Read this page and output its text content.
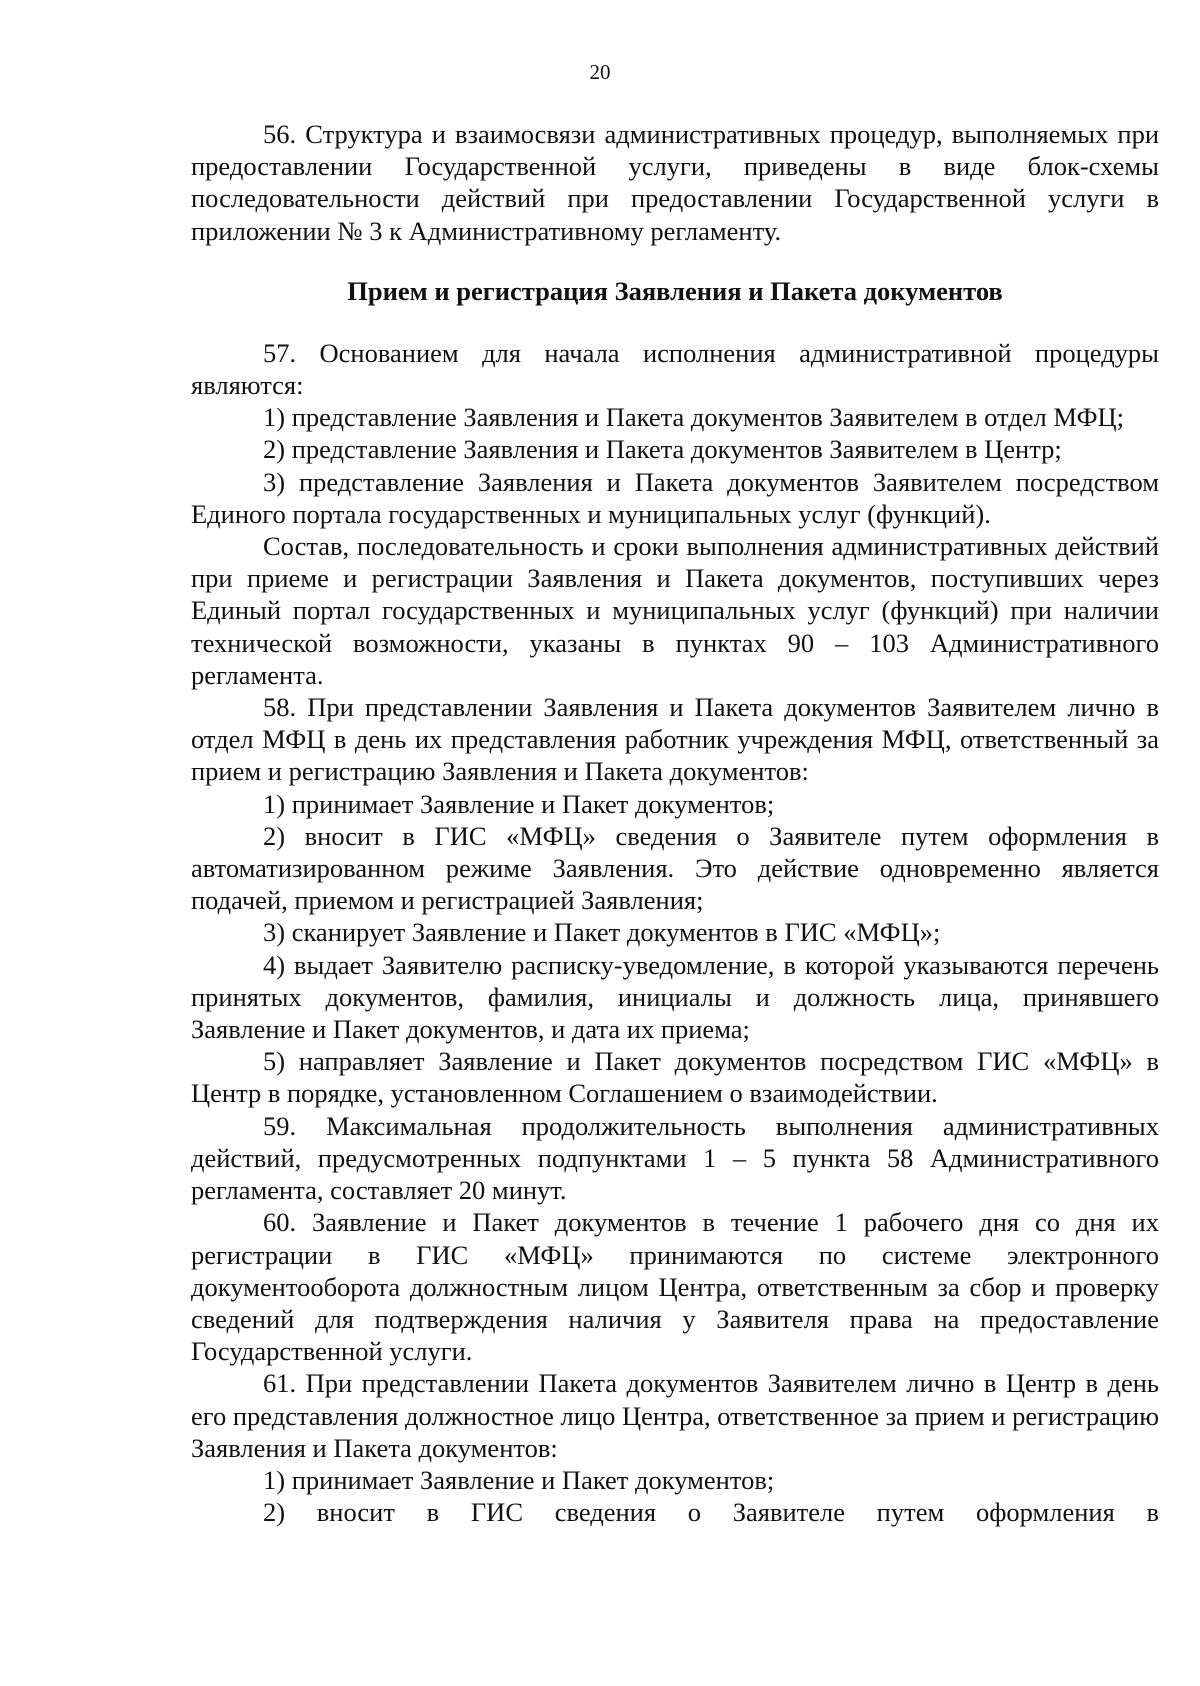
20

56. Структура и взаимосвязи административных процедур, выполняемых при предоставлении Государственной услуги, приведены в виде блок-схемы последовательности действий при предоставлении Государственной услуги в приложении № 3 к Административному регламенту.

Прием и регистрация Заявления и Пакета документов

57. Основанием для начала исполнения административной процедуры являются:

1) представление Заявления и Пакета документов Заявителем в отдел МФЦ;

2) представление Заявления и Пакета документов Заявителем в Центр;

3) представление Заявления и Пакета документов Заявителем посредством Единого портала государственных и муниципальных услуг (функций).

Состав, последовательность и сроки выполнения административных действий при приеме и регистрации Заявления и Пакета документов, поступивших через Единый портал государственных и муниципальных услуг (функций) при наличии технической возможности, указаны в пунктах 90 – 103 Административного регламента.

58. При представлении Заявления и Пакета документов Заявителем лично в отдел МФЦ в день их представления работник учреждения МФЦ, ответственный за прием и регистрацию Заявления и Пакета документов:

1) принимает Заявление и Пакет документов;

2) вносит в ГИС «МФЦ» сведения о Заявителе путем оформления в автоматизированном режиме Заявления. Это действие одновременно является подачей, приемом и регистрацией Заявления;

3) сканирует Заявление и Пакет документов в ГИС «МФЦ»;

4) выдает Заявителю расписку-уведомление, в которой указываются перечень принятых документов, фамилия, инициалы и должность лица, принявшего Заявление и Пакет документов, и дата их приема;

5) направляет Заявление и Пакет документов посредством ГИС «МФЦ» в Центр в порядке, установленном Соглашением о взаимодействии.

59. Максимальная продолжительность выполнения административных действий, предусмотренных подпунктами 1 – 5 пункта 58 Административного регламента, составляет 20 минут.

60. Заявление и Пакет документов в течение 1 рабочего дня со дня их регистрации в ГИС «МФЦ» принимаются по системе электронного документооборота должностным лицом Центра, ответственным за сбор и проверку сведений для подтверждения наличия у Заявителя права на предоставление Государственной услуги.

61. При представлении Пакета документов Заявителем лично в Центр в день его представления должностное лицо Центра, ответственное за прием и регистрацию Заявления и Пакета документов:

1) принимает Заявление и Пакет документов;

2) вносит в ГИС сведения о Заявителе путем оформления в
